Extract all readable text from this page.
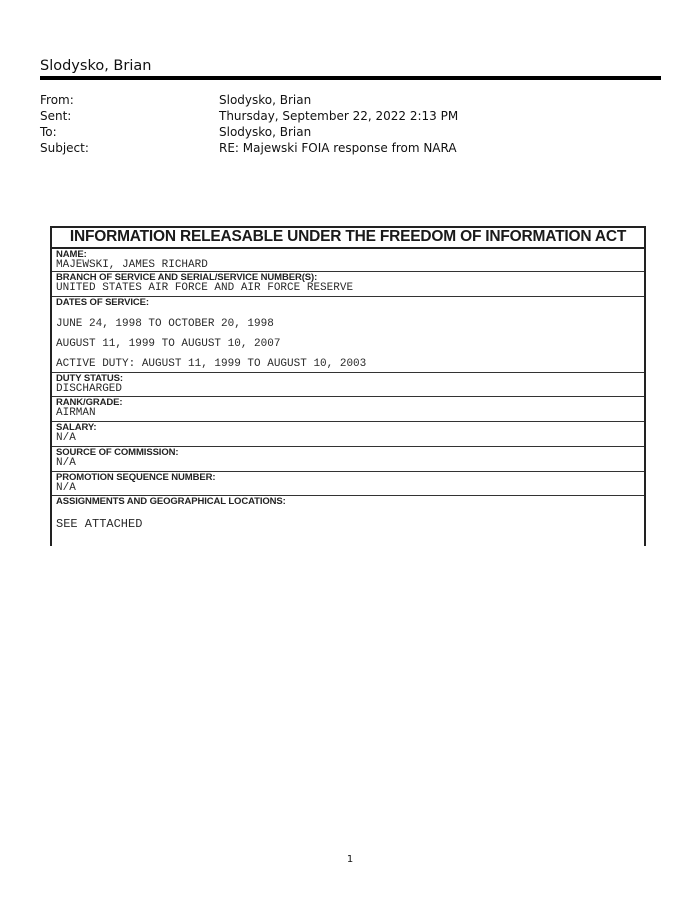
Slodysko, Brian
From:	Slodysko, Brian
Sent:	Thursday, September 22, 2022 2:13 PM
To:	Slodysko, Brian
Subject:	RE: Majewski FOIA response from NARA
INFORMATION RELEASABLE UNDER THE FREEDOM OF INFORMATION ACT
NAME:
MAJEWSKI, JAMES RICHARD
BRANCH OF SERVICE AND SERIAL/SERVICE NUMBER(S):
UNITED STATES AIR FORCE AND AIR FORCE RESERVE
DATES OF SERVICE:
JUNE 24, 1998 TO OCTOBER 20, 1998
AUGUST 11, 1999 TO AUGUST 10, 2007
ACTIVE DUTY: AUGUST 11, 1999 TO AUGUST 10, 2003
DUTY STATUS:
DISCHARGED
RANK/GRADE:
AIRMAN
SALARY:
N/A
SOURCE OF COMMISSION:
N/A
PROMOTION SEQUENCE NUMBER:
N/A
ASSIGNMENTS AND GEOGRAPHICAL LOCATIONS:
SEE ATTACHED
1
